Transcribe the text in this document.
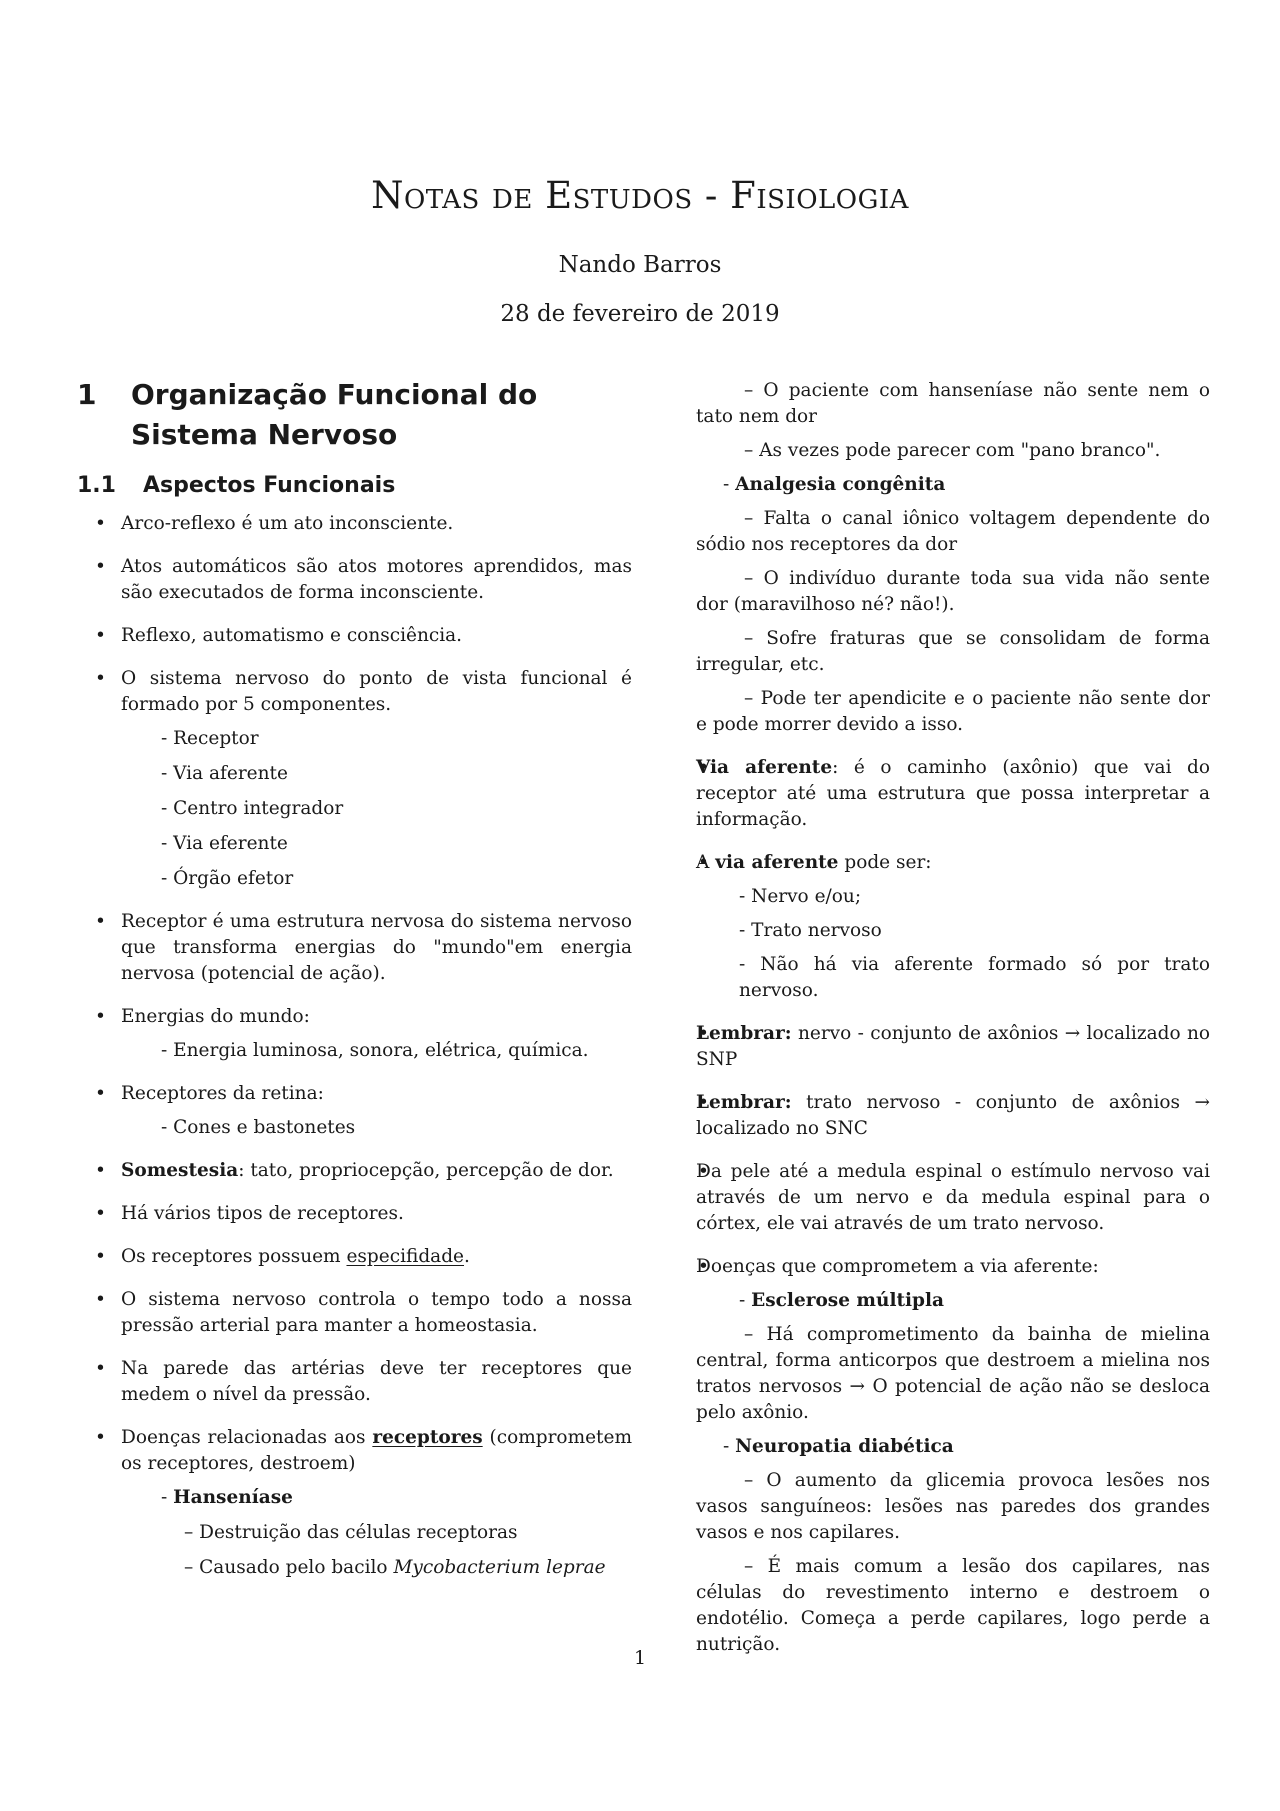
Notas de Estudos - Fisiologia
Nando Barros
28 de fevereiro de 2019
1	Organização Funcional do Sistema Nervoso
1.1	Aspectos Funcionais
• Arco-reflexo é um ato inconsciente.
• Atos automáticos são atos motores aprendidos, mas são executados de forma inconsciente.
• Reflexo, automatismo e consciência.
• O sistema nervoso do ponto de vista funcional é formado por 5 componentes.
- Receptor
- Via aferente
- Centro integrador
- Via eferente
- Órgão efetor
• Receptor é uma estrutura nervosa do sistema nervoso que transforma energias do "mundo"em energia nervosa (potencial de ação).
• Energias do mundo:
- Energia luminosa, sonora, elétrica, química.
• Receptores da retina:
- Cones e bastonetes
• Somestesia: tato, propriocepção, percepção de dor.
• Há vários tipos de receptores.
• Os receptores possuem especifidade.
• O sistema nervoso controla o tempo todo a nossa pressão arterial para manter a homeostasia.
• Na parede das artérias deve ter receptores que medem o nível da pressão.
• Doenças relacionadas aos receptores (comprometem os receptores, destroem)
- Hanseníase
– Destruição das células receptoras
– Causado pelo bacilo Mycobacterium leprae
– O paciente com hanseníase não sente nem o tato nem dor
– As vezes pode parecer com "pano branco".
- Analgesia congênita
– Falta o canal iônico voltagem dependente do sódio nos receptores da dor
– O indivíduo durante toda sua vida não sente dor (maravilhoso né? não!).
– Sofre fraturas que se consolidam de forma irregular, etc.
– Pode ter apendicite e o paciente não sente dor e pode morrer devido a isso.
• Via aferente: é o caminho (axônio) que vai do receptor até uma estrutura que possa interpretar a informação.
• A via aferente pode ser:
- Nervo e/ou;
- Trato nervoso
- Não há via aferente formado só por trato nervoso.
• Lembrar: nervo - conjunto de axônios → localizado no SNP
• Lembrar: trato nervoso - conjunto de axônios → localizado no SNC
• Da pele até a medula espinal o estímulo nervoso vai através de um nervo e da medula espinal para o córtex, ele vai através de um trato nervoso.
• Doenças que comprometem a via aferente:
- Esclerose múltipla
– Há comprometimento da bainha de mielina central, forma anticorpos que destroem a mielina nos tratos nervosos → O potencial de ação não se desloca pelo axônio.
- Neuropatia diabética
– O aumento da glicemia provoca lesões nos vasos sanguíneos: lesões nas paredes dos grandes vasos e nos capilares.
– É mais comum a lesão dos capilares, nas células do revestimento interno e destroem o endotélio. Começa a perde capilares, logo perde a nutrição.
1
